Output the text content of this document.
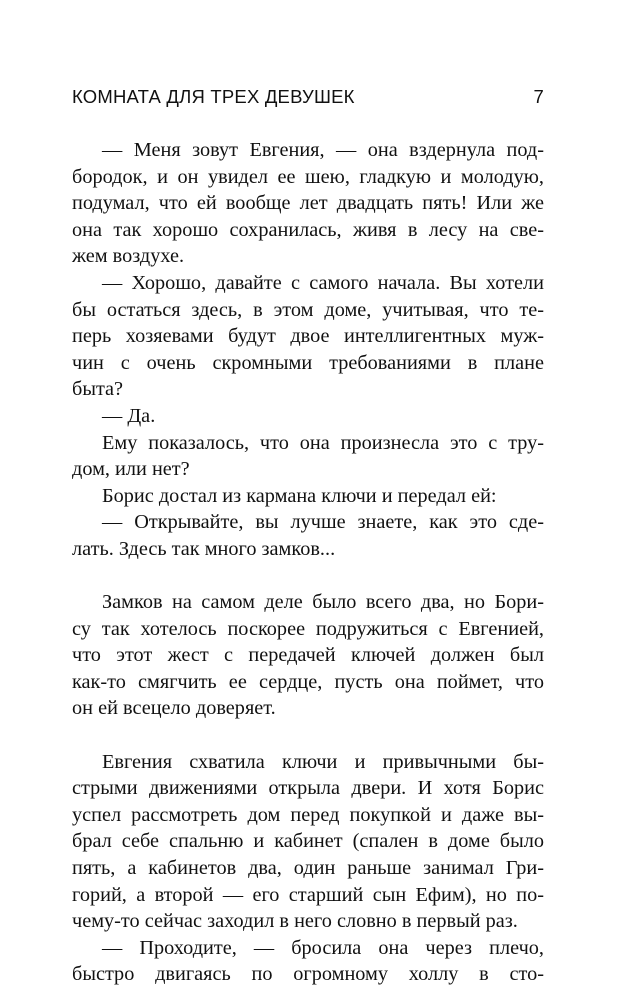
КОМНАТА ДЛЯ ТРЕХ ДЕВУШЕК	7
— Меня зовут Евгения, — она вздернула под-
бородок, и он увидел ее шею, гладкую и молодую,
подумал, что ей вообще лет двадцать пять! Или же
она так хорошо сохранилась, живя в лесу на све-
жем воздухе.
— Хорошо, давайте с самого начала. Вы хотели
бы остаться здесь, в этом доме, учитывая, что те-
перь хозяевами будут двое интеллигентных муж-
чин с очень скромными требованиями в плане
быта?
— Да.
Ему показалось, что она произнесла это с тру-
дом, или нет?
Борис достал из кармана ключи и передал ей:
— Открывайте, вы лучше знаете, как это сде-
лать. Здесь так много замков...
Замков на самом деле было всего два, но Бори-
су так хотелось поскорее подружиться с Евгенией,
что этот жест с передачей ключей должен был
как-то смягчить ее сердце, пусть она поймет, что
он ей всецело доверяет.
Евгения схватила ключи и привычными бы-
стрыми движениями открыла двери. И хотя Борис
успел рассмотреть дом перед покупкой и даже вы-
брал себе спальню и кабинет (спален в доме было
пять, а кабинетов два, один раньше занимал Гри-
горий, а второй — его старший сын Ефим), но по-
чему-то сейчас заходил в него словно в первый раз.
— Проходите, — бросила она через плечо,
быстро двигаясь по огромному холлу в сто-
